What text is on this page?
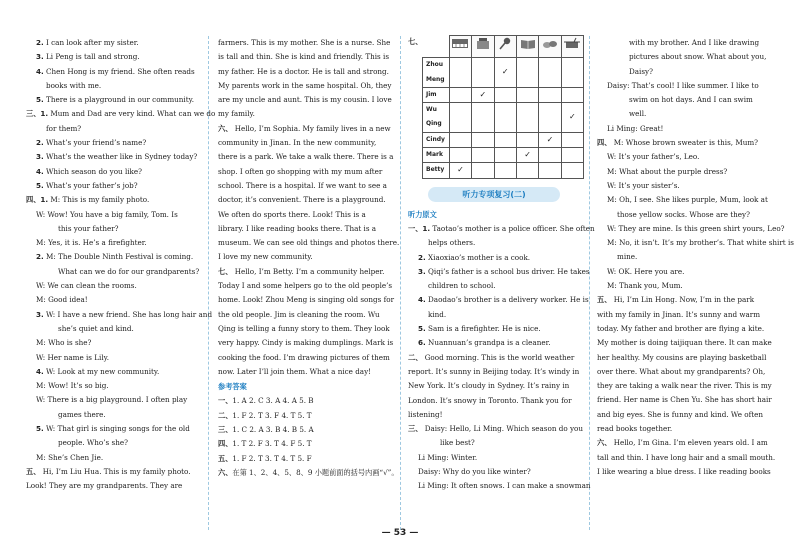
2. I can look after my sister.

3. Li Peng is tall and strong.

4. Chen Hong is my friend. She often reads

books with me.

5. There is a playground in our community.

三、1. Mum and Dad are very kind. What can we do

for them?

2. What’s your friend’s name?

3. What’s the weather like in Sydney today?

4. Which season do you like?

5. What’s your father’s job?

四、1. M: This is my family photo.

W: Wow! You have a big family, Tom. Is

this your father?

M: Yes, it is. He’s a firefighter.

2. M: The Double Ninth Festival is coming.

What can we do for our grandparents?

W: We can clean the rooms.

M: Good idea!

3. W: I have a new friend. She has long hair and

she’s quiet and kind.

M: Who is she?

W: Her name is Lily.

4. W: Look at my new community.

M: Wow! It’s so big.

W: There is a big playground. I often play

games there.

5. W: That girl is singing songs for the old

people. Who’s she?

M: She’s Chen Jie.

五、 Hi, I’m Liu Hua. This is my family photo.

Look! They are my grandparents. They are

farmers. This is my mother. She is a nurse. She

is tall and thin. She is kind and friendly. This is

my father. He is a doctor. He is tall and strong.

My parents work in the same hospital. Oh, they

are my uncle and aunt. This is my cousin. I love

my family.

六、 Hello, I’m Sophia. My family lives in a new

community in Jinan. In the new community,

there is a park. We take a walk there. There is a

shop. I often go shopping with my mum after

school. There is a hospital. If we want to see a

doctor, it’s convenient. There is a playground.

We often do sports there. Look! This is a

library. I like reading books there. That is a

museum. We can see old things and photos there.

I love my new community.

七、 Hello, I’m Betty. I’m a community helper.

Today I and some helpers go to the old people’s

home. Look! Zhou Meng is singing old songs for

the old people. Jim is cleaning the room. Wu

Qing is telling a funny story to them. They look

very happy. Cindy is making dumplings. Mark is

cooking the food. I’m drawing pictures of them

now. Later I’ll join them. What a nice day!

参考答案

一、1. A 2. C 3. A 4. A 5. B

二、1. F 2. T 3. F 4. T 5. T

三、1. C 2. A 3. B 4. B 5. A

四、1. T 2. F 3. T 4. F 5. T

五、1. F 2. T 3. T 4. T 5. F

六、在第 1、2、4、5、8、9 小题前面的括号内画“√”。

七、

Zhou Meng			✓			
Jim		✓				
Wu Qing						✓
Cindy					✓	
Mark				✓		
Betty	✓					
听力专项复习(二)

听力原文

一、1. Taotao’s mother is a police officer. She often

helps others.

2. Xiaoxiao’s mother is a cook.

3. Qiqi’s father is a school bus driver. He takes

children to school.

4. Daodao’s brother is a delivery worker. He is

kind.

5. Sam is a firefighter. He is nice.

6. Nuannuan’s grandpa is a cleaner.

二、 Good morning. This is the world weather

report. It’s sunny in Beijing today. It’s windy in

New York. It’s cloudy in Sydney. It’s rainy in

London. It’s snowy in Toronto. Thank you for

listening!

三、 Daisy: Hello, Li Ming. Which season do you

like best?

Li Ming: Winter.

Daisy: Why do you like winter?

Li Ming: It often snows. I can make a snowman

with my brother. And I like drawing

pictures about snow. What about you,

Daisy?

Daisy: That’s cool! I like summer. I like to

swim on hot days. And I can swim

well.

Li Ming: Great!

四、 M: Whose brown sweater is this, Mum?

W: It’s your father’s, Leo.

M: What about the purple dress?

W: It’s your sister’s.

M: Oh, I see. She likes purple, Mum, look at

those yellow socks. Whose are they?

W: They are mine. Is this green shirt yours, Leo?

M: No, it isn’t. It’s my brother’s. That white shirt is

mine.

W: OK. Here you are.

M: Thank you, Mum.

五、 Hi, I’m Lin Hong. Now, I’m in the park

with my family in Jinan. It’s sunny and warm

today. My father and brother are flying a kite.

My mother is doing taijiquan there. It can make

her healthy. My cousins are playing basketball

over there. What about my grandparents? Oh,

they are taking a walk near the river. This is my

friend. Her name is Chen Yu. She has short hair

and big eyes. She is funny and kind. We often

read books together.

六、 Hello, I’m Gina. I’m eleven years old. I am

tall and thin. I have long hair and a small mouth.

I like wearing a blue dress. I like reading books

— 53 —
